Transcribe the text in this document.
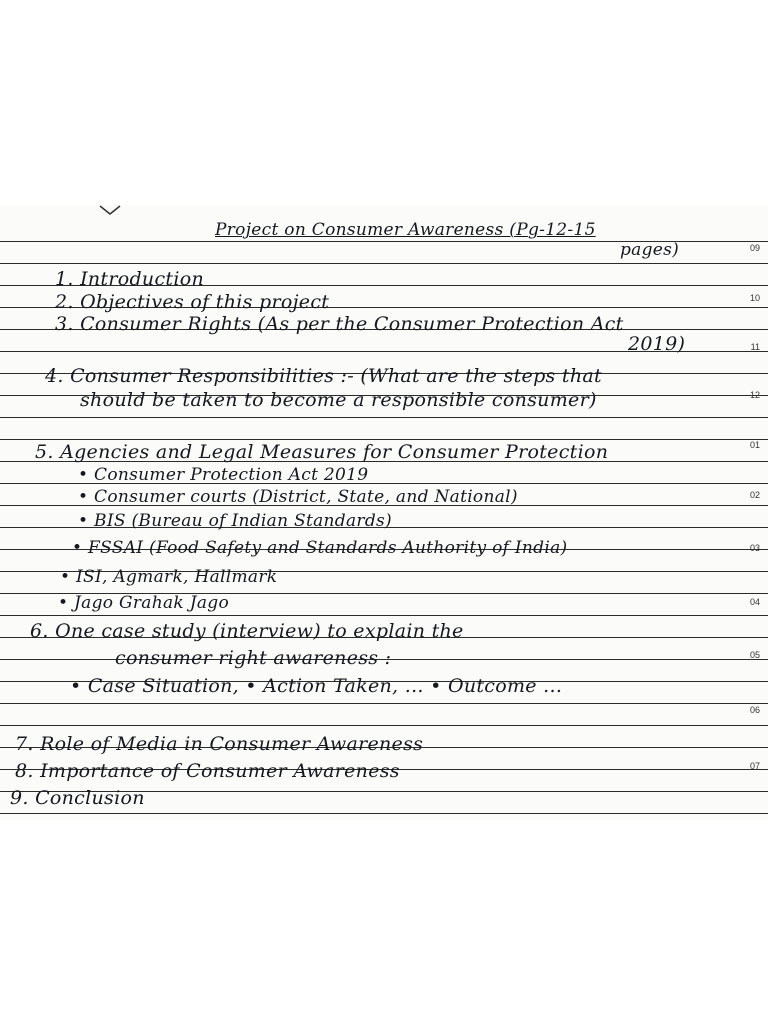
09
10
11
12
01
02
03
04
05
06
07
Project on Consumer Awareness (Pg-12-15
pages)
1. Introduction
2. Objectives of this project
3. Consumer Rights (As per the Consumer Protection Act
2019)
4. Consumer Responsibilities :- (What are the steps that
should be taken to become a responsible consumer)
5. Agencies and Legal Measures for Consumer Protection
• Consumer Protection Act 2019
• Consumer courts (District, State, and National)
• BIS (Bureau of Indian Standards)
• FSSAI (Food Safety and Standards Authority of India)
• ISI, Agmark, Hallmark
• Jago Grahak Jago
6. One case study (interview) to explain the
consumer right awareness :
• Case Situation, • Action Taken, ... • Outcome ...
7. Role of Media in Consumer Awareness
8. Importance of Consumer Awareness
9. Conclusion
